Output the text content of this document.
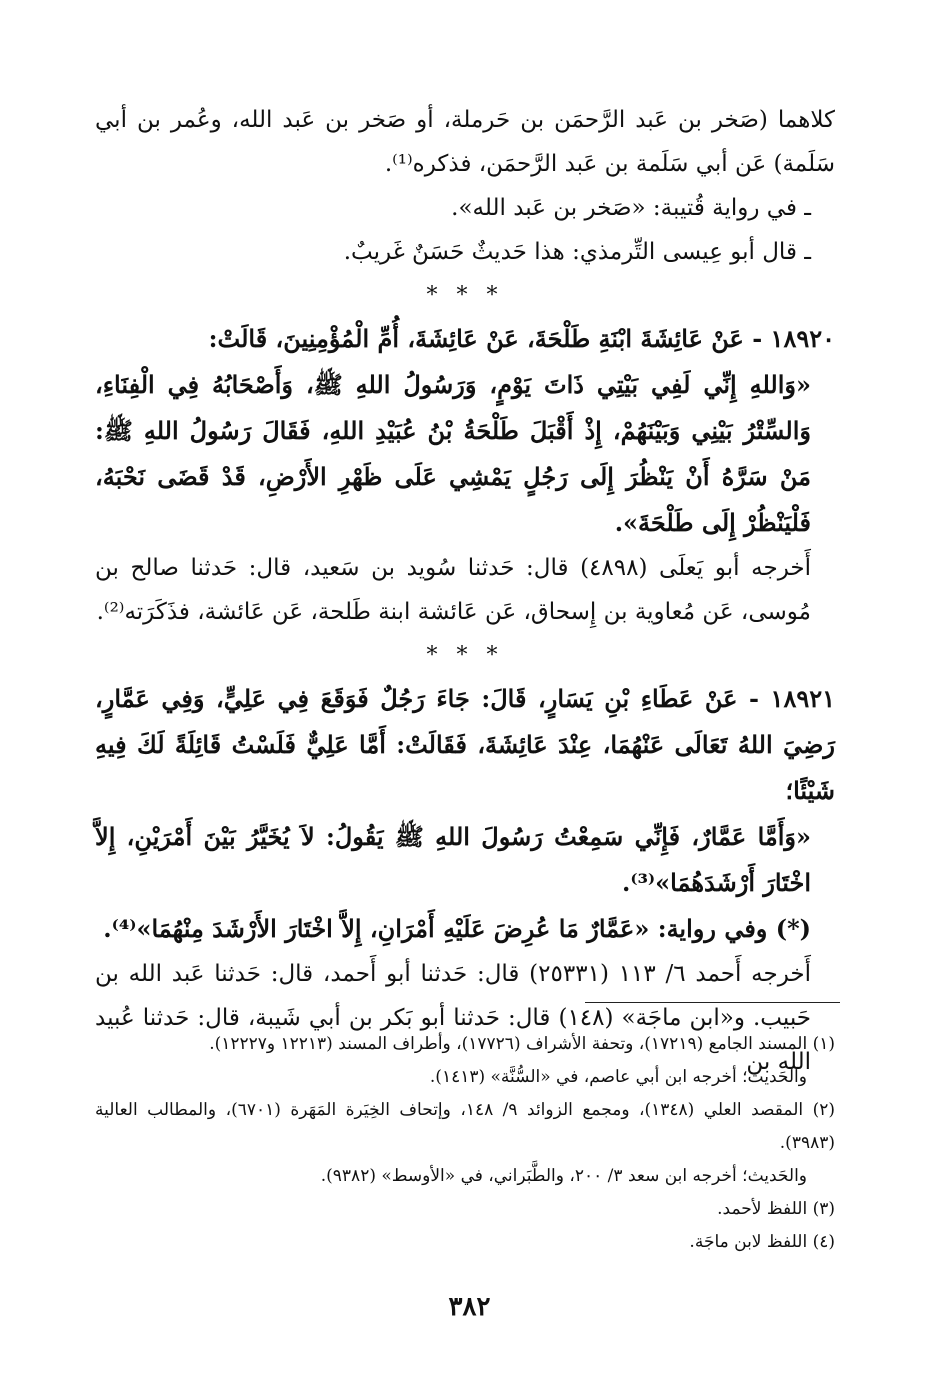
كلاهما (صَخر بن عَبد الرَّحمَن بن حَرملة، أو صَخر بن عَبد الله، وعُمر بن أبي سَلَمة) عَن أبي سَلَمة بن عَبد الرَّحمَن، فذكره⁽¹⁾.

ـ في رواية قُتيبة: «صَخر بن عَبد الله».

ـ قال أبو عِيسى التِّرمذي: هذا حَديثٌ حَسَنٌ غَريبٌ.

* * *

١٨٩٢٠ - عَنْ عَائِشَةَ ابْنَةِ طَلْحَةَ، عَنْ عَائِشَةَ، أُمِّ الْمُؤْمِنِينَ، قَالَتْ:

«وَاللهِ إِنِّي لَفِي بَيْتِي ذَاتَ يَوْمٍ، وَرَسُولُ اللهِ ﷺ، وَأَصْحَابُهُ فِي الْفِنَاءِ، وَالسِّتْرُ بَيْنِي وَبَيْنَهُمْ، إِذْ أَقْبَلَ طَلْحَةُ بْنُ عُبَيْدِ اللهِ، فَقَالَ رَسُولُ اللهِ ﷺ: مَنْ سَرَّهُ أَنْ يَنْظُرَ إِلَى رَجُلٍ يَمْشِي عَلَى ظَهْرِ الأَرْضِ، قَدْ قَضَى نَحْبَهُ، فَلْيَنْظُرْ إِلَى طَلْحَةَ».

أَخرجه أبو يَعلَى (٤٨٩٨) قال: حَدثنا سُويد بن سَعيد، قال: حَدثنا صالح بن مُوسى، عَن مُعاوية بن إِسحاق، عَن عَائشة ابنة طَلحة، عَن عَائشة، فذَكَرَته⁽²⁾.

* * *

١٨٩٢١ - عَنْ عَطَاءِ بْنِ يَسَارٍ، قَالَ: جَاءَ رَجُلٌ فَوَقَعَ فِي عَلِيٍّ، وَفِي عَمَّارٍ، رَضِيَ اللهُ تَعَالَى عَنْهُمَا، عِنْدَ عَائِشَةَ، فَقَالَتْ: أَمَّا عَلِيٌّ فَلَسْتُ قَائِلَةً لَكَ فِيهِ شَيْئًا؛

«وَأَمَّا عَمَّارٌ، فَإِنِّي سَمِعْتُ رَسُولَ اللهِ ﷺ يَقُولُ: لاَ يُخَيَّرُ بَيْنَ أَمْرَيْنِ، إِلاَّ اخْتَارَ أَرْشَدَهُمَا»⁽³⁾.

(*) وفي رواية: «عَمَّارٌ مَا عُرِضَ عَلَيْهِ أَمْرَانِ، إِلاَّ اخْتَارَ الأَرْشَدَ مِنْهُمَا»⁽⁴⁾.

أَخرجه أَحمد ٦/ ١١٣ (٢٥٣٣١) قال: حَدثنا أبو أَحمد، قال: حَدثنا عَبد الله بن حَبيب. و«ابن ماجَة» (١٤٨) قال: حَدثنا أبو بَكر بن أبي شَيبة، قال: حَدثنا عُبيد الله بن

(١) المسند الجامع (١٧٢١٩)، وتحفة الأشراف (١٧٧٢٦)، وأطراف المسند (١٢٢١٣ و١٢٢٢٧).

والحَديث؛ أخرجه ابن أبي عاصم، في «السُّنَّة» (١٤١٣).

(٢) المقصد العلي (١٣٤٨)، ومجمع الزوائد ٩/ ١٤٨، وإتحاف الخِيَرة المَهَرة (٦٧٠١)، والمطالب العالية (٣٩٨٣).

والحَديث؛ أخرجه ابن سعد ٣/ ٢٠٠، والطَّبَراني، في «الأوسط» (٩٣٨٢).

(٣) اللفظ لأحمد.

(٤) اللفظ لابن ماجَة.

٣٨٢
